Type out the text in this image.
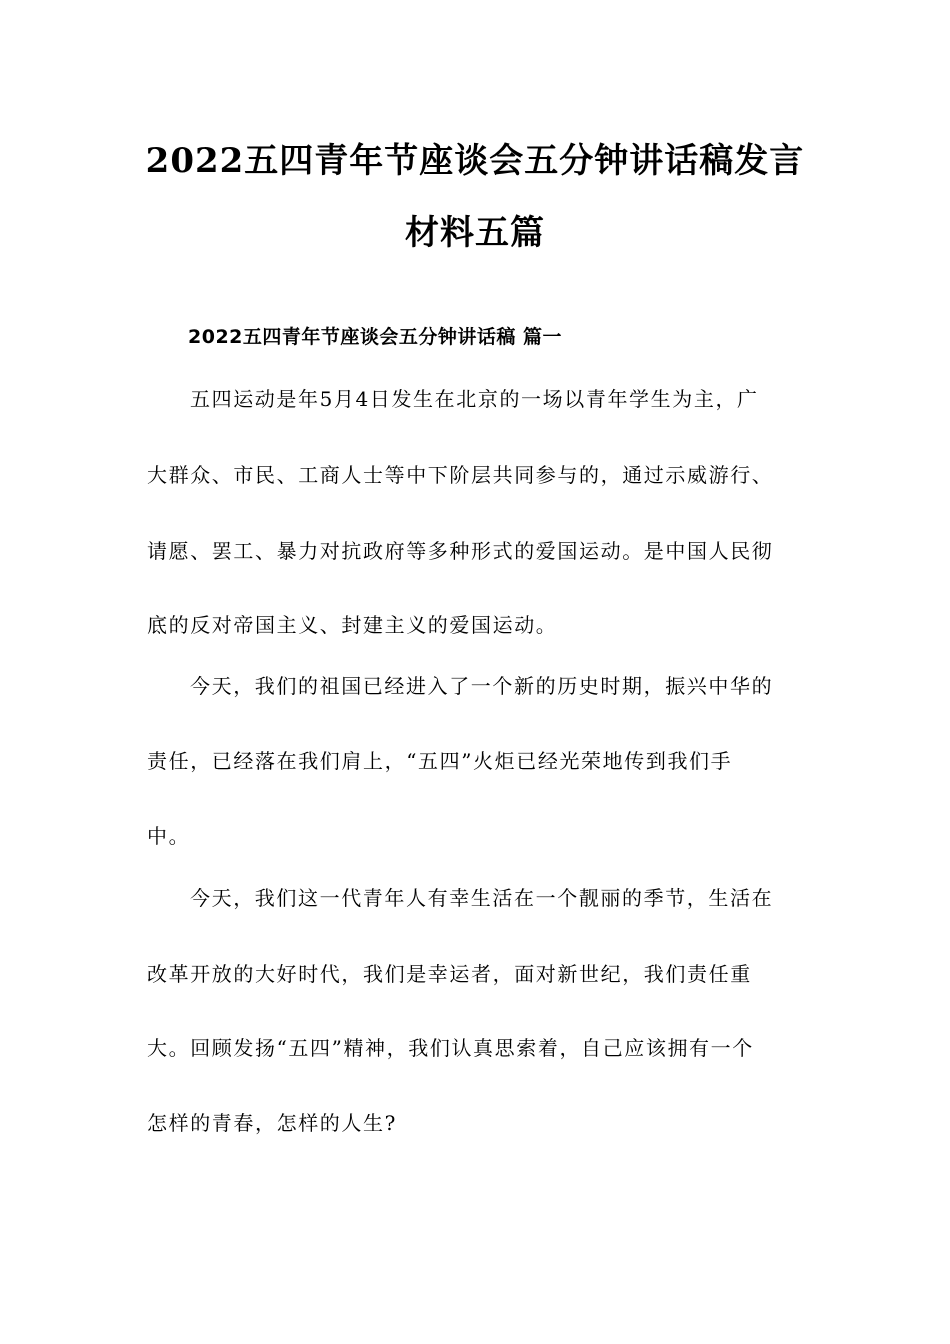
2022五四青年节座谈会五分钟讲话稿发言
材料五篇
2022五四青年节座谈会五分钟讲话稿 篇一
五四运动是年5月4日发生在北京的一场以青年学生为主，广
大群众、市民、工商人士等中下阶层共同参与的，通过示威游行、
请愿、罢工、暴力对抗政府等多种形式的爱国运动。是中国人民彻
底的反对帝国主义、封建主义的爱国运动。
今天，我们的祖国已经进入了一个新的历史时期，振兴中华的
责任，已经落在我们肩上，“五四”火炬已经光荣地传到我们手
中。
今天，我们这一代青年人有幸生活在一个靓丽的季节，生活在
改革开放的大好时代，我们是幸运者，面对新世纪，我们责任重
大。回顾发扬“五四”精神，我们认真思索着，自己应该拥有一个
怎样的青春，怎样的人生?
